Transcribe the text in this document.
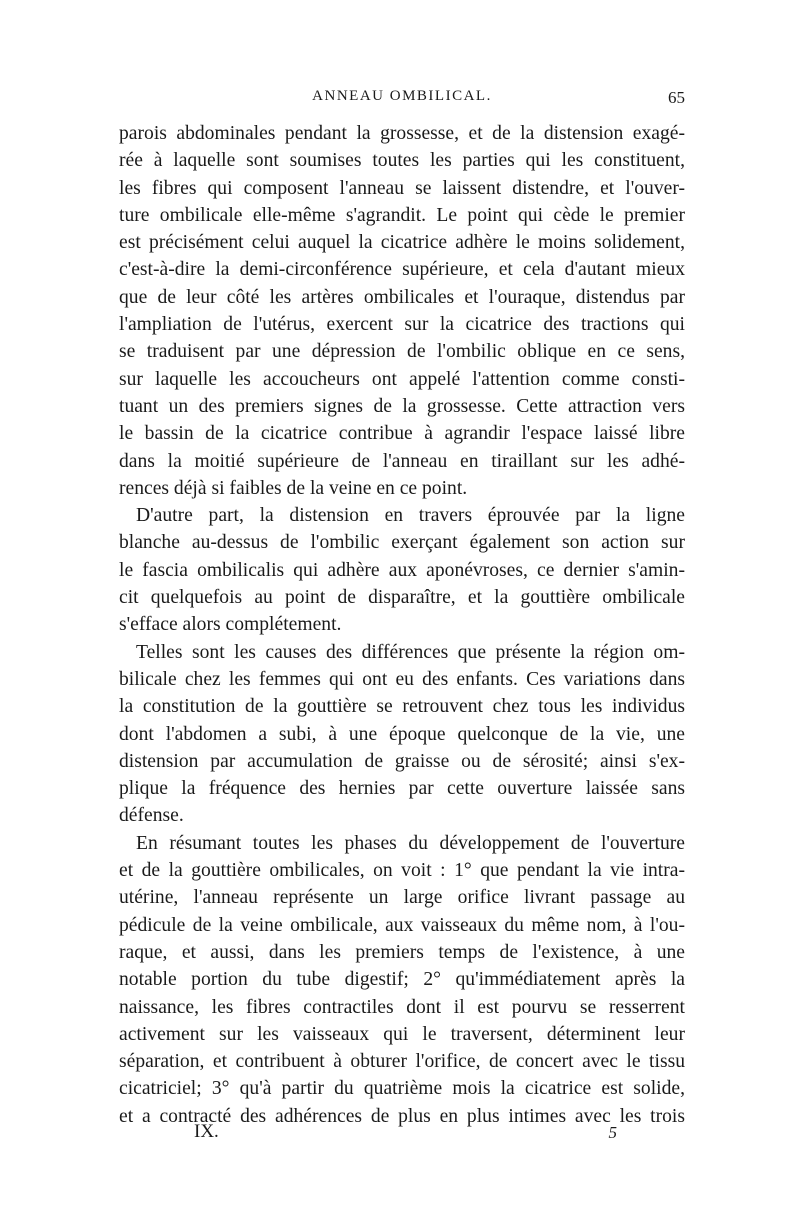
ANNEAU OMBILICAL.	65
parois abdominales pendant la grossesse, et de la distension exagé-
rée à laquelle sont soumises toutes les parties qui les constituent,
les fibres qui composent l'anneau se laissent distendre, et l'ouver-
ture ombilicale elle-même s'agrandit. Le point qui cède le premier
est précisément celui auquel la cicatrice adhère le moins solidement,
c'est-à-dire la demi-circonférence supérieure, et cela d'autant mieux
que de leur côté les artères ombilicales et l'ouraque, distendus par
l'ampliation de l'utérus, exercent sur la cicatrice des tractions qui
se traduisent par une dépression de l'ombilic oblique en ce sens,
sur laquelle les accoucheurs ont appelé l'attention comme consti-
tuant un des premiers signes de la grossesse. Cette attraction vers
le bassin de la cicatrice contribue à agrandir l'espace laissé libre
dans la moitié supérieure de l'anneau en tiraillant sur les adhé-
rences déjà si faibles de la veine en ce point.
D'autre part, la distension en travers éprouvée par la ligne
blanche au-dessus de l'ombilic exerçant également son action sur
le fascia ombilicalis qui adhère aux aponévroses, ce dernier s'amin-
cit quelquefois au point de disparaître, et la gouttière ombilicale
s'efface alors complétement.
Telles sont les causes des différences que présente la région om-
bilicale chez les femmes qui ont eu des enfants. Ces variations dans
la constitution de la gouttière se retrouvent chez tous les individus
dont l'abdomen a subi, à une époque quelconque de la vie, une
distension par accumulation de graisse ou de sérosité; ainsi s'ex-
plique la fréquence des hernies par cette ouverture laissée sans
défense.
En résumant toutes les phases du développement de l'ouverture
et de la gouttière ombilicales, on voit : 1° que pendant la vie intra-
utérine, l'anneau représente un large orifice livrant passage au
pédicule de la veine ombilicale, aux vaisseaux du même nom, à l'ou-
raque, et aussi, dans les premiers temps de l'existence, à une
notable portion du tube digestif; 2° qu'immédiatement après la
naissance, les fibres contractiles dont il est pourvu se resserrent
activement sur les vaisseaux qui le traversent, déterminent leur
séparation, et contribuent à obturer l'orifice, de concert avec le tissu
cicatriciel; 3° qu'à partir du quatrième mois la cicatrice est solide,
et a contracté des adhérences de plus en plus intimes avec les trois
IX.	5
